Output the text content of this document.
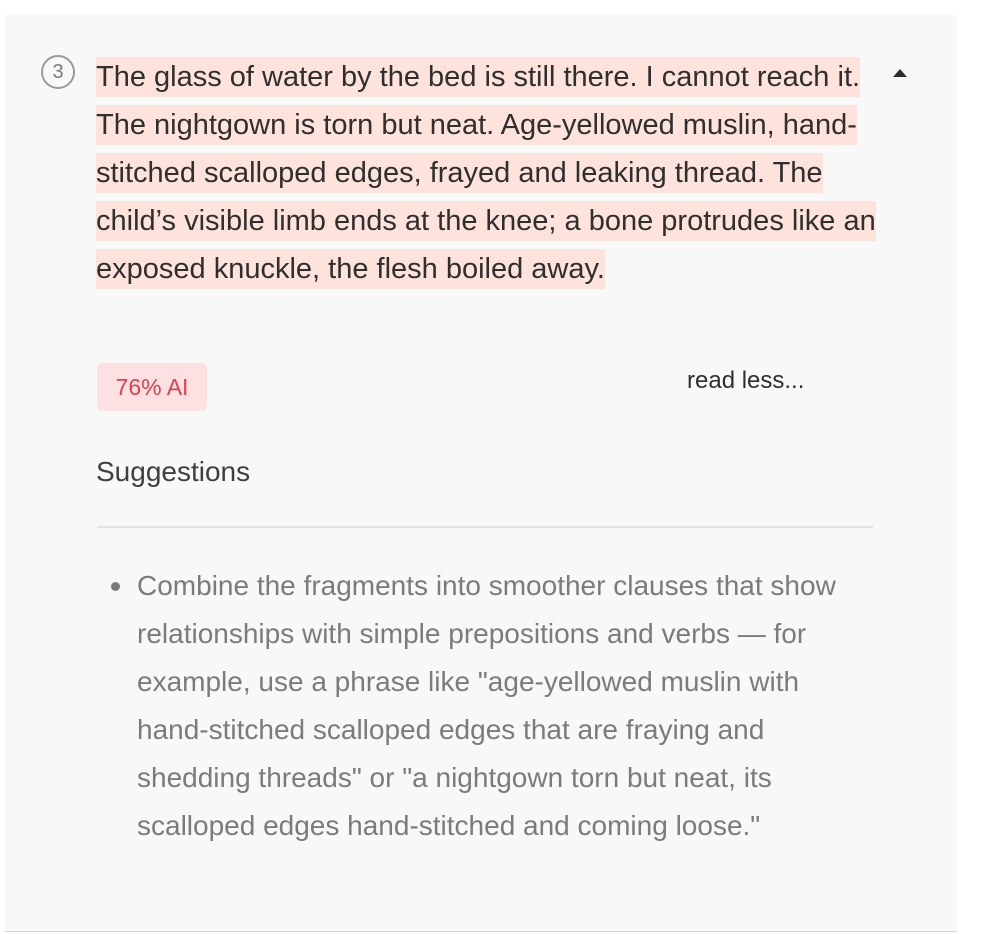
3	The glass of water by the bed is still there. I cannot reach it. The nightgown is torn but neat. Age-yellowed muslin, hand-stitched scalloped edges, frayed and leaking thread. The child’s visible limb ends at the knee; a bone protrudes like an exposed knuckle, the flesh boiled away.

76% AI	read less...
Suggestions
Combine the fragments into smoother clauses that show relationships with simple prepositions and verbs — for example, use a phrase like "age-yellowed muslin with hand-stitched scalloped edges that are fraying and shedding threads" or "a nightgown torn but neat, its scalloped edges hand-stitched and coming loose."
